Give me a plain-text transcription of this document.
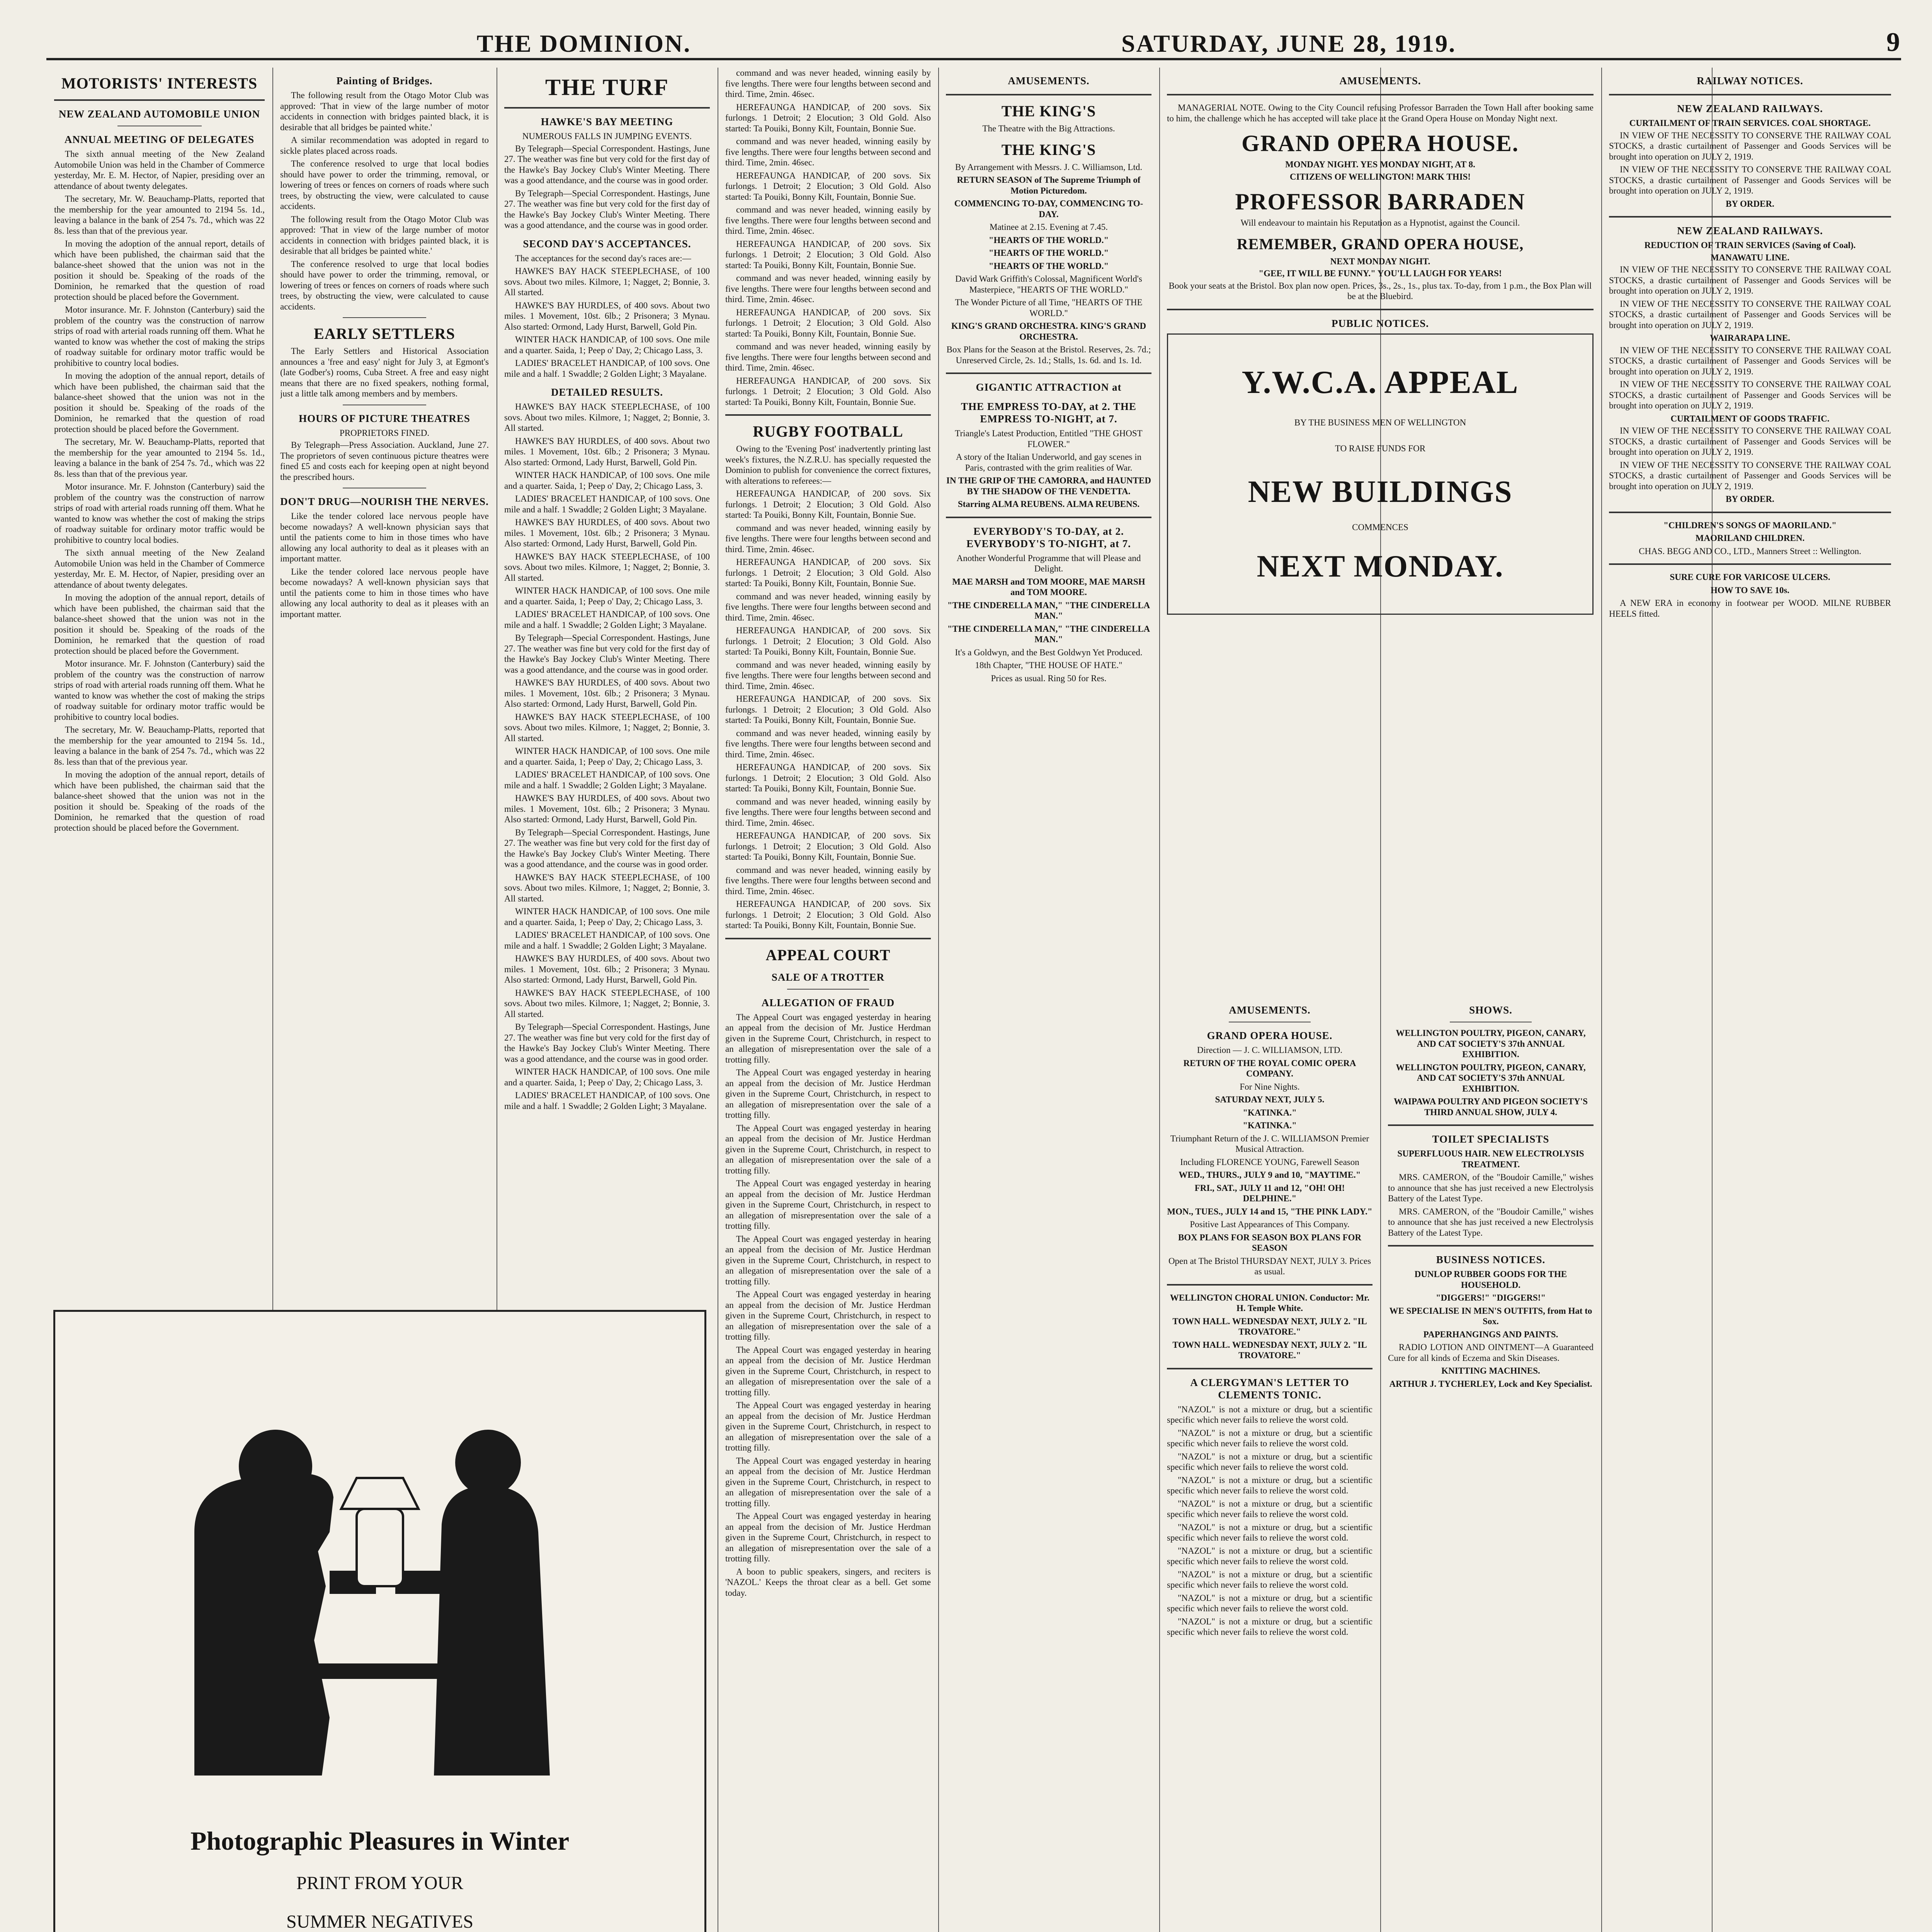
THE DOMINION.	SATURDAY, JUNE 28, 1919.	9
MOTORISTS' INTERESTS
NEW ZEALAND AUTOMOBILE UNION
ANNUAL MEETING OF DELEGATES

The sixth annual meeting of the New Zealand Automobile Union was held in the Chamber of Commerce yesterday, Mr. E. M. Hector, of Napier, presiding over an attendance of about twenty delegates.

The secretary, Mr. W. Beauchamp-Platts, reported that the membership for the year amounted to 2194 5s. 1d., leaving a balance in the bank of 254 7s. 7d., which was 22 8s. less than that of the previous year.

In moving the adoption of the annual report, details of which have been published, the chairman said that the balance-sheet showed that the union was not in the position it should be. Speaking of the roads of the Dominion, he remarked that the question of road protection should be placed before the Government.

Motor insurance. Mr. F. Johnston (Canterbury) said the problem of the country was the construction of narrow strips of road with arterial roads running off them. What he wanted to know was whether the cost of making the strips of roadway suitable for ordinary motor traffic would be prohibitive to country local bodies.

In moving the adoption of the annual report, details of which have been published, the chairman said that the balance-sheet showed that the union was not in the position it should be. Speaking of the roads of the Dominion, he remarked that the question of road protection should be placed before the Government.

The secretary, Mr. W. Beauchamp-Platts, reported that the membership for the year amounted to 2194 5s. 1d., leaving a balance in the bank of 254 7s. 7d., which was 22 8s. less than that of the previous year.

Motor insurance. Mr. F. Johnston (Canterbury) said the problem of the country was the construction of narrow strips of road with arterial roads running off them. What he wanted to know was whether the cost of making the strips of roadway suitable for ordinary motor traffic would be prohibitive to country local bodies.

The sixth annual meeting of the New Zealand Automobile Union was held in the Chamber of Commerce yesterday, Mr. E. M. Hector, of Napier, presiding over an attendance of about twenty delegates.

In moving the adoption of the annual report, details of which have been published, the chairman said that the balance-sheet showed that the union was not in the position it should be. Speaking of the roads of the Dominion, he remarked that the question of road protection should be placed before the Government.

Motor insurance. Mr. F. Johnston (Canterbury) said the problem of the country was the construction of narrow strips of road with arterial roads running off them. What he wanted to know was whether the cost of making the strips of roadway suitable for ordinary motor traffic would be prohibitive to country local bodies.

The secretary, Mr. W. Beauchamp-Platts, reported that the membership for the year amounted to 2194 5s. 1d., leaving a balance in the bank of 254 7s. 7d., which was 22 8s. less than that of the previous year.

In moving the adoption of the annual report, details of which have been published, the chairman said that the balance-sheet showed that the union was not in the position it should be. Speaking of the roads of the Dominion, he remarked that the question of road protection should be placed before the Government.

Painting of Bridges.

The following result from the Otago Motor Club was approved: 'That in view of the large number of motor accidents in connection with bridges painted black, it is desirable that all bridges be painted white.'

A similar recommendation was adopted in regard to sickle plates placed across roads.

The conference resolved to urge that local bodies should have power to order the trimming, removal, or lowering of trees or fences on corners of roads where such trees, by obstructing the view, were calculated to cause accidents.

The following result from the Otago Motor Club was approved: 'That in view of the large number of motor accidents in connection with bridges painted black, it is desirable that all bridges be painted white.'

The conference resolved to urge that local bodies should have power to order the trimming, removal, or lowering of trees or fences on corners of roads where such trees, by obstructing the view, were calculated to cause accidents.

EARLY SETTLERS

The Early Settlers and Historical Association announces a 'free and easy' night for July 3, at Egmont's (late Godber's) rooms, Cuba Street. A free and easy night means that there are no fixed speakers, nothing formal, just a little talk among members and by members.

HOURS OF PICTURE THEATRES
PROPRIETORS FINED.

By Telegraph—Press Association. Auckland, June 27. The proprietors of seven continuous picture theatres were fined £5 and costs each for keeping open at night beyond the prescribed hours.

DON'T DRUG—NOURISH THE NERVES.

Like the tender colored lace nervous people have become nowadays? A well-known physician says that until the patients come to him in those times who have allowing any local authority to deal as it pleases with an important matter.

Like the tender colored lace nervous people have become nowadays? A well-known physician says that until the patients come to him in those times who have allowing any local authority to deal as it pleases with an important matter.

Photographic Pleasures in Winter
PRINT FROM YOUR
SUMMER NEGATIVES
THE TURF
HAWKE'S BAY MEETING
NUMEROUS FALLS IN JUMPING EVENTS.

By Telegraph—Special Correspondent. Hastings, June 27. The weather was fine but very cold for the first day of the Hawke's Bay Jockey Club's Winter Meeting. There was a good attendance, and the course was in good order.

By Telegraph—Special Correspondent. Hastings, June 27. The weather was fine but very cold for the first day of the Hawke's Bay Jockey Club's Winter Meeting. There was a good attendance, and the course was in good order.

SECOND DAY'S ACCEPTANCES.

The acceptances for the second day's races are:—

HAWKE'S BAY HACK STEEPLECHASE, of 100 sovs. About two miles. Kilmore, 1; Nagget, 2; Bonnie, 3. All started.

HAWKE'S BAY HURDLES, of 400 sovs. About two miles. 1 Movement, 10st. 6lb.; 2 Prisonera; 3 Mynau. Also started: Ormond, Lady Hurst, Barwell, Gold Pin.

WINTER HACK HANDICAP, of 100 sovs. One mile and a quarter. Saida, 1; Peep o' Day, 2; Chicago Lass, 3.

LADIES' BRACELET HANDICAP, of 100 sovs. One mile and a half. 1 Swaddle; 2 Golden Light; 3 Mayalane.

DETAILED RESULTS.

HAWKE'S BAY HACK STEEPLECHASE, of 100 sovs. About two miles. Kilmore, 1; Nagget, 2; Bonnie, 3. All started.

HAWKE'S BAY HURDLES, of 400 sovs. About two miles. 1 Movement, 10st. 6lb.; 2 Prisonera; 3 Mynau. Also started: Ormond, Lady Hurst, Barwell, Gold Pin.

WINTER HACK HANDICAP, of 100 sovs. One mile and a quarter. Saida, 1; Peep o' Day, 2; Chicago Lass, 3.

LADIES' BRACELET HANDICAP, of 100 sovs. One mile and a half. 1 Swaddle; 2 Golden Light; 3 Mayalane.

HAWKE'S BAY HURDLES, of 400 sovs. About two miles. 1 Movement, 10st. 6lb.; 2 Prisonera; 3 Mynau. Also started: Ormond, Lady Hurst, Barwell, Gold Pin.

HAWKE'S BAY HACK STEEPLECHASE, of 100 sovs. About two miles. Kilmore, 1; Nagget, 2; Bonnie, 3. All started.

WINTER HACK HANDICAP, of 100 sovs. One mile and a quarter. Saida, 1; Peep o' Day, 2; Chicago Lass, 3.

LADIES' BRACELET HANDICAP, of 100 sovs. One mile and a half. 1 Swaddle; 2 Golden Light; 3 Mayalane.

By Telegraph—Special Correspondent. Hastings, June 27. The weather was fine but very cold for the first day of the Hawke's Bay Jockey Club's Winter Meeting. There was a good attendance, and the course was in good order.

HAWKE'S BAY HURDLES, of 400 sovs. About two miles. 1 Movement, 10st. 6lb.; 2 Prisonera; 3 Mynau. Also started: Ormond, Lady Hurst, Barwell, Gold Pin.

HAWKE'S BAY HACK STEEPLECHASE, of 100 sovs. About two miles. Kilmore, 1; Nagget, 2; Bonnie, 3. All started.

WINTER HACK HANDICAP, of 100 sovs. One mile and a quarter. Saida, 1; Peep o' Day, 2; Chicago Lass, 3.

LADIES' BRACELET HANDICAP, of 100 sovs. One mile and a half. 1 Swaddle; 2 Golden Light; 3 Mayalane.

HAWKE'S BAY HURDLES, of 400 sovs. About two miles. 1 Movement, 10st. 6lb.; 2 Prisonera; 3 Mynau. Also started: Ormond, Lady Hurst, Barwell, Gold Pin.

By Telegraph—Special Correspondent. Hastings, June 27. The weather was fine but very cold for the first day of the Hawke's Bay Jockey Club's Winter Meeting. There was a good attendance, and the course was in good order.

HAWKE'S BAY HACK STEEPLECHASE, of 100 sovs. About two miles. Kilmore, 1; Nagget, 2; Bonnie, 3. All started.

WINTER HACK HANDICAP, of 100 sovs. One mile and a quarter. Saida, 1; Peep o' Day, 2; Chicago Lass, 3.

LADIES' BRACELET HANDICAP, of 100 sovs. One mile and a half. 1 Swaddle; 2 Golden Light; 3 Mayalane.

HAWKE'S BAY HURDLES, of 400 sovs. About two miles. 1 Movement, 10st. 6lb.; 2 Prisonera; 3 Mynau. Also started: Ormond, Lady Hurst, Barwell, Gold Pin.

HAWKE'S BAY HACK STEEPLECHASE, of 100 sovs. About two miles. Kilmore, 1; Nagget, 2; Bonnie, 3. All started.

By Telegraph—Special Correspondent. Hastings, June 27. The weather was fine but very cold for the first day of the Hawke's Bay Jockey Club's Winter Meeting. There was a good attendance, and the course was in good order.

WINTER HACK HANDICAP, of 100 sovs. One mile and a quarter. Saida, 1; Peep o' Day, 2; Chicago Lass, 3.

LADIES' BRACELET HANDICAP, of 100 sovs. One mile and a half. 1 Swaddle; 2 Golden Light; 3 Mayalane.

command and was never headed, winning easily by five lengths. There were four lengths between second and third. Time, 2min. 46sec.

HEREFAUNGA HANDICAP, of 200 sovs. Six furlongs. 1 Detroit; 2 Elocution; 3 Old Gold. Also started: Ta Pouiki, Bonny Kilt, Fountain, Bonnie Sue.

command and was never headed, winning easily by five lengths. There were four lengths between second and third. Time, 2min. 46sec.

HEREFAUNGA HANDICAP, of 200 sovs. Six furlongs. 1 Detroit; 2 Elocution; 3 Old Gold. Also started: Ta Pouiki, Bonny Kilt, Fountain, Bonnie Sue.

command and was never headed, winning easily by five lengths. There were four lengths between second and third. Time, 2min. 46sec.

HEREFAUNGA HANDICAP, of 200 sovs. Six furlongs. 1 Detroit; 2 Elocution; 3 Old Gold. Also started: Ta Pouiki, Bonny Kilt, Fountain, Bonnie Sue.

command and was never headed, winning easily by five lengths. There were four lengths between second and third. Time, 2min. 46sec.

HEREFAUNGA HANDICAP, of 200 sovs. Six furlongs. 1 Detroit; 2 Elocution; 3 Old Gold. Also started: Ta Pouiki, Bonny Kilt, Fountain, Bonnie Sue.

command and was never headed, winning easily by five lengths. There were four lengths between second and third. Time, 2min. 46sec.

HEREFAUNGA HANDICAP, of 200 sovs. Six furlongs. 1 Detroit; 2 Elocution; 3 Old Gold. Also started: Ta Pouiki, Bonny Kilt, Fountain, Bonnie Sue.

RUGBY FOOTBALL

Owing to the 'Evening Post' inadvertently printing last week's fixtures, the N.Z.R.U. has specially requested the Dominion to publish for convenience the correct fixtures, with alterations to referees:—

HEREFAUNGA HANDICAP, of 200 sovs. Six furlongs. 1 Detroit; 2 Elocution; 3 Old Gold. Also started: Ta Pouiki, Bonny Kilt, Fountain, Bonnie Sue.

command and was never headed, winning easily by five lengths. There were four lengths between second and third. Time, 2min. 46sec.

HEREFAUNGA HANDICAP, of 200 sovs. Six furlongs. 1 Detroit; 2 Elocution; 3 Old Gold. Also started: Ta Pouiki, Bonny Kilt, Fountain, Bonnie Sue.

command and was never headed, winning easily by five lengths. There were four lengths between second and third. Time, 2min. 46sec.

HEREFAUNGA HANDICAP, of 200 sovs. Six furlongs. 1 Detroit; 2 Elocution; 3 Old Gold. Also started: Ta Pouiki, Bonny Kilt, Fountain, Bonnie Sue.

command and was never headed, winning easily by five lengths. There were four lengths between second and third. Time, 2min. 46sec.

HEREFAUNGA HANDICAP, of 200 sovs. Six furlongs. 1 Detroit; 2 Elocution; 3 Old Gold. Also started: Ta Pouiki, Bonny Kilt, Fountain, Bonnie Sue.

command and was never headed, winning easily by five lengths. There were four lengths between second and third. Time, 2min. 46sec.

HEREFAUNGA HANDICAP, of 200 sovs. Six furlongs. 1 Detroit; 2 Elocution; 3 Old Gold. Also started: Ta Pouiki, Bonny Kilt, Fountain, Bonnie Sue.

command and was never headed, winning easily by five lengths. There were four lengths between second and third. Time, 2min. 46sec.

HEREFAUNGA HANDICAP, of 200 sovs. Six furlongs. 1 Detroit; 2 Elocution; 3 Old Gold. Also started: Ta Pouiki, Bonny Kilt, Fountain, Bonnie Sue.

command and was never headed, winning easily by five lengths. There were four lengths between second and third. Time, 2min. 46sec.

HEREFAUNGA HANDICAP, of 200 sovs. Six furlongs. 1 Detroit; 2 Elocution; 3 Old Gold. Also started: Ta Pouiki, Bonny Kilt, Fountain, Bonnie Sue.

APPEAL COURT
SALE OF A TROTTER
ALLEGATION OF FRAUD

The Appeal Court was engaged yesterday in hearing an appeal from the decision of Mr. Justice Herdman given in the Supreme Court, Christchurch, in respect to an allegation of misrepresentation over the sale of a trotting filly.

The Appeal Court was engaged yesterday in hearing an appeal from the decision of Mr. Justice Herdman given in the Supreme Court, Christchurch, in respect to an allegation of misrepresentation over the sale of a trotting filly.

The Appeal Court was engaged yesterday in hearing an appeal from the decision of Mr. Justice Herdman given in the Supreme Court, Christchurch, in respect to an allegation of misrepresentation over the sale of a trotting filly.

The Appeal Court was engaged yesterday in hearing an appeal from the decision of Mr. Justice Herdman given in the Supreme Court, Christchurch, in respect to an allegation of misrepresentation over the sale of a trotting filly.

The Appeal Court was engaged yesterday in hearing an appeal from the decision of Mr. Justice Herdman given in the Supreme Court, Christchurch, in respect to an allegation of misrepresentation over the sale of a trotting filly.

The Appeal Court was engaged yesterday in hearing an appeal from the decision of Mr. Justice Herdman given in the Supreme Court, Christchurch, in respect to an allegation of misrepresentation over the sale of a trotting filly.

The Appeal Court was engaged yesterday in hearing an appeal from the decision of Mr. Justice Herdman given in the Supreme Court, Christchurch, in respect to an allegation of misrepresentation over the sale of a trotting filly.

The Appeal Court was engaged yesterday in hearing an appeal from the decision of Mr. Justice Herdman given in the Supreme Court, Christchurch, in respect to an allegation of misrepresentation over the sale of a trotting filly.

The Appeal Court was engaged yesterday in hearing an appeal from the decision of Mr. Justice Herdman given in the Supreme Court, Christchurch, in respect to an allegation of misrepresentation over the sale of a trotting filly.

The Appeal Court was engaged yesterday in hearing an appeal from the decision of Mr. Justice Herdman given in the Supreme Court, Christchurch, in respect to an allegation of misrepresentation over the sale of a trotting filly.

A boon to public speakers, singers, and reciters is 'NAZOL.' Keeps the throat clear as a bell. Get some today.

AMUSEMENTS.
THE KING'S
The Theatre with the Big Attractions.
THE KING'S

By Arrangement with Messrs. J. C. Williamson, Ltd.

RETURN SEASON of The Supreme Triumph of Motion Picturedom.

COMMENCING TO-DAY, COMMENCING TO-DAY.

Matinee at 2.15. Evening at 7.45.

"HEARTS OF THE WORLD."

"HEARTS OF THE WORLD."

"HEARTS OF THE WORLD."

David Wark Griffith's Colossal, Magnificent World's Masterpiece, "HEARTS OF THE WORLD."

The Wonder Picture of all Time, "HEARTS OF THE WORLD."

KING'S GRAND ORCHESTRA. KING'S GRAND ORCHESTRA.

Box Plans for the Season at the Bristol. Reserves, 2s. 7d.; Unreserved Circle, 2s. 1d.; Stalls, 1s. 6d. and 1s. 1d.

GIGANTIC ATTRACTION at
THE EMPRESS TO-DAY, at 2. THE EMPRESS TO-NIGHT, at 7.

Triangle's Latest Production, Entitled "THE GHOST FLOWER."

A story of the Italian Underworld, and gay scenes in Paris, contrasted with the grim realities of War.

IN THE GRIP OF THE CAMORRA, and HAUNTED BY THE SHADOW OF THE VENDETTA.

Starring ALMA REUBENS. ALMA REUBENS.

EVERYBODY'S TO-DAY, at 2. EVERYBODY'S TO-NIGHT, at 7.

Another Wonderful Programme that will Please and Delight.

MAE MARSH and TOM MOORE, MAE MARSH and TOM MOORE.

"THE CINDERELLA MAN," "THE CINDERELLA MAN."

"THE CINDERELLA MAN," "THE CINDERELLA MAN."

It's a Goldwyn, and the Best Goldwyn Yet Produced.

18th Chapter, "THE HOUSE OF HATE."

Prices as usual. Ring 50 for Res.

AMUSEMENTS.

MANAGERIAL NOTE. Owing to the City Council refusing Professor Barraden the Town Hall after booking same to him, the challenge which he has accepted will take place at the Grand Opera House on Monday Night next.

GRAND OPERA HOUSE.
MONDAY NIGHT. YES MONDAY NIGHT, AT 8.
CITIZENS OF WELLINGTON! MARK THIS!
PROFESSOR BARRADEN

Will endeavour to maintain his Reputation as a Hypnotist, against the Council.

REMEMBER, GRAND OPERA HOUSE,
NEXT MONDAY NIGHT.
"GEE, IT WILL BE FUNNY." YOU'LL LAUGH FOR YEARS!

Book your seats at the Bristol. Box plan now open. Prices, 3s., 2s., 1s., plus tax. To-day, from 1 p.m., the Box Plan will be at the Bluebird.

PUBLIC NOTICES.
Y.W.C.A. APPEAL
BY THE BUSINESS MEN OF WELLINGTON
TO RAISE FUNDS FOR
NEW BUILDINGS
COMMENCES
NEXT MONDAY.
AMUSEMENTS.
GRAND OPERA HOUSE.

Direction — J. C. WILLIAMSON, LTD.

RETURN OF THE ROYAL COMIC OPERA COMPANY.

For Nine Nights.

SATURDAY NEXT, JULY 5.

"KATINKA."

"KATINKA."

Triumphant Return of the J. C. WILLIAMSON Premier Musical Attraction.

Including FLORENCE YOUNG, Farewell Season

WED., THURS., JULY 9 and 10, "MAYTIME."

FRI., SAT., JULY 11 and 12, "OH! OH! DELPHINE."

MON., TUES., JULY 14 and 15, "THE PINK LADY."

Positive Last Appearances of This Company.

BOX PLANS FOR SEASON BOX PLANS FOR SEASON

Open at The Bristol THURSDAY NEXT, JULY 3. Prices as usual.

WELLINGTON CHORAL UNION. Conductor: Mr. H. Temple White.

TOWN HALL. WEDNESDAY NEXT, JULY 2. "IL TROVATORE."

TOWN HALL. WEDNESDAY NEXT, JULY 2. "IL TROVATORE."

A CLERGYMAN'S LETTER TO CLEMENTS TONIC.

"NAZOL" is not a mixture or drug, but a scientific specific which never fails to relieve the worst cold.

"NAZOL" is not a mixture or drug, but a scientific specific which never fails to relieve the worst cold.

"NAZOL" is not a mixture or drug, but a scientific specific which never fails to relieve the worst cold.

"NAZOL" is not a mixture or drug, but a scientific specific which never fails to relieve the worst cold.

"NAZOL" is not a mixture or drug, but a scientific specific which never fails to relieve the worst cold.

"NAZOL" is not a mixture or drug, but a scientific specific which never fails to relieve the worst cold.

"NAZOL" is not a mixture or drug, but a scientific specific which never fails to relieve the worst cold.

"NAZOL" is not a mixture or drug, but a scientific specific which never fails to relieve the worst cold.

"NAZOL" is not a mixture or drug, but a scientific specific which never fails to relieve the worst cold.

"NAZOL" is not a mixture or drug, but a scientific specific which never fails to relieve the worst cold.

SHOWS.

WELLINGTON POULTRY, PIGEON, CANARY, AND CAT SOCIETY'S 37th ANNUAL EXHIBITION.

WELLINGTON POULTRY, PIGEON, CANARY, AND CAT SOCIETY'S 37th ANNUAL EXHIBITION.

WAIPAWA POULTRY AND PIGEON SOCIETY'S THIRD ANNUAL SHOW, JULY 4.

TOILET SPECIALISTS

SUPERFLUOUS HAIR. NEW ELECTROLYSIS TREATMENT.

MRS. CAMERON, of the "Boudoir Camille," wishes to announce that she has just received a new Electrolysis Battery of the Latest Type.

MRS. CAMERON, of the "Boudoir Camille," wishes to announce that she has just received a new Electrolysis Battery of the Latest Type.

BUSINESS NOTICES.

DUNLOP RUBBER GOODS FOR THE HOUSEHOLD.

"DIGGERS!" "DIGGERS!"

WE SPECIALISE IN MEN'S OUTFITS, from Hat to Sox.

PAPERHANGINGS AND PAINTS.

RADIO LOTION AND OINTMENT—A Guaranteed Cure for all kinds of Eczema and Skin Diseases.

KNITTING MACHINES.

ARTHUR J. TYCHERLEY, Lock and Key Specialist.

RAILWAY NOTICES.
NEW ZEALAND RAILWAYS.
CURTAILMENT OF TRAIN SERVICES. COAL SHORTAGE.

IN VIEW OF THE NECESSITY TO CONSERVE THE RAILWAY COAL STOCKS, a drastic curtailment of Passenger and Goods Services will be brought into operation on JULY 2, 1919.

IN VIEW OF THE NECESSITY TO CONSERVE THE RAILWAY COAL STOCKS, a drastic curtailment of Passenger and Goods Services will be brought into operation on JULY 2, 1919.

BY ORDER.
NEW ZEALAND RAILWAYS.
REDUCTION OF TRAIN SERVICES (Saving of Coal).
MANAWATU LINE.

IN VIEW OF THE NECESSITY TO CONSERVE THE RAILWAY COAL STOCKS, a drastic curtailment of Passenger and Goods Services will be brought into operation on JULY 2, 1919.

IN VIEW OF THE NECESSITY TO CONSERVE THE RAILWAY COAL STOCKS, a drastic curtailment of Passenger and Goods Services will be brought into operation on JULY 2, 1919.

WAIRARAPA LINE.

IN VIEW OF THE NECESSITY TO CONSERVE THE RAILWAY COAL STOCKS, a drastic curtailment of Passenger and Goods Services will be brought into operation on JULY 2, 1919.

IN VIEW OF THE NECESSITY TO CONSERVE THE RAILWAY COAL STOCKS, a drastic curtailment of Passenger and Goods Services will be brought into operation on JULY 2, 1919.

CURTAILMENT OF GOODS TRAFFIC.

IN VIEW OF THE NECESSITY TO CONSERVE THE RAILWAY COAL STOCKS, a drastic curtailment of Passenger and Goods Services will be brought into operation on JULY 2, 1919.

IN VIEW OF THE NECESSITY TO CONSERVE THE RAILWAY COAL STOCKS, a drastic curtailment of Passenger and Goods Services will be brought into operation on JULY 2, 1919.

BY ORDER.

"CHILDREN'S SONGS OF MAORILAND."

MAORILAND CHILDREN.

CHAS. BEGG AND CO., LTD., Manners Street :: Wellington.

SURE CURE FOR VARICOSE ULCERS.

HOW TO SAVE 10s.

A NEW ERA in economy in footwear per WOOD. MILNE RUBBER HEELS fitted.
